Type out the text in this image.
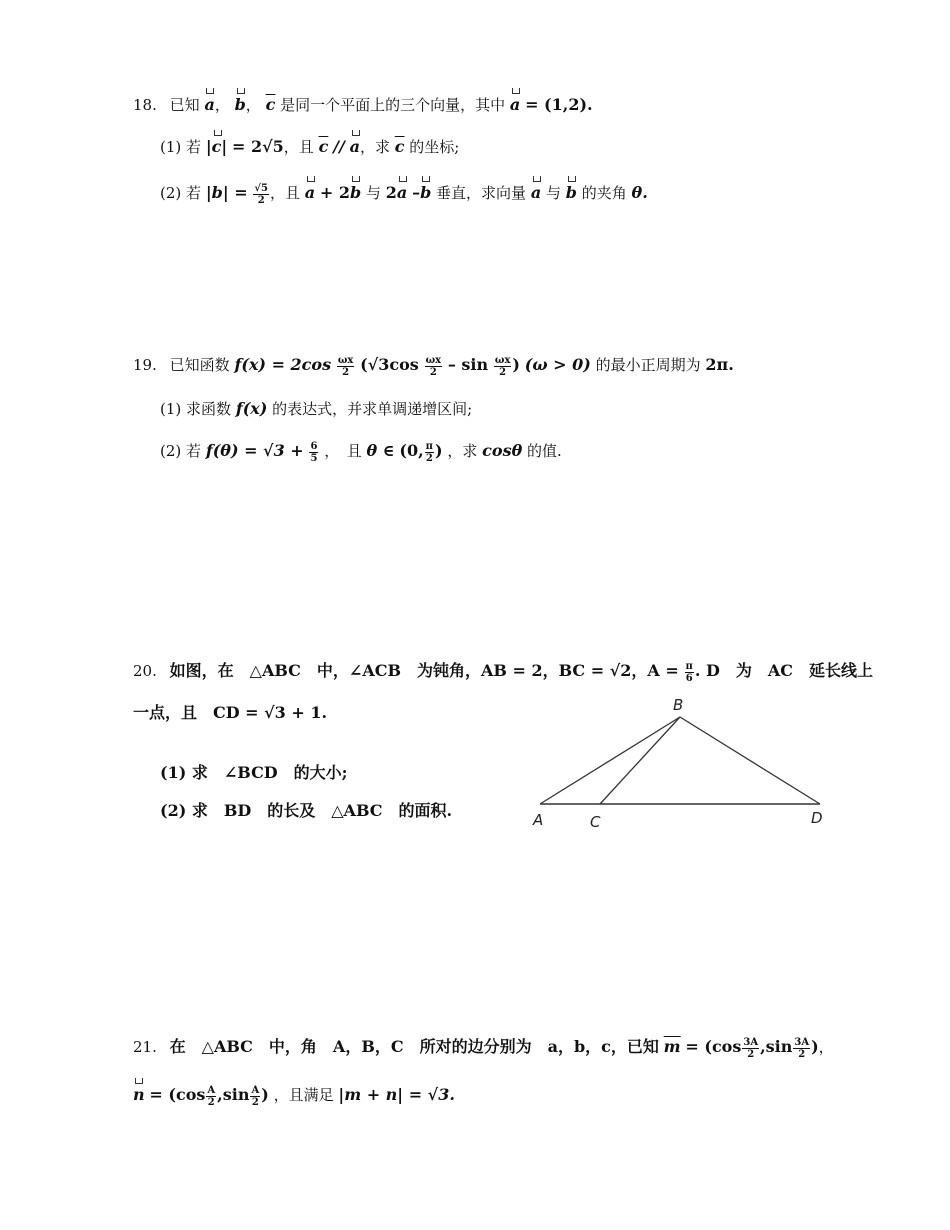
18. 已知 a， b， $\overline{c}$ 是同一个平面上的三个向量，其中 a = (1,2).
(1) 若 |c| = 2√5，且 $\overline{c}$ // a，求 $\overline{c}$ 的坐标;
(2) 若 $|b| = \frac{√5}{2}$ ，且 a + 2b 与 2a –b 垂直，求向量 a 与 b 的夹角 θ.
19. 已知函数 $f(x) = 2\cos \frac{\omega x}{2} (√3\cos \frac{\omega x}{2} - \sin \frac{\omega x}{2}$ ) (ω > 0) 的最小正周期为 2π.
(1) 求函数 f(x) 的表达式，并求单调递增区间;
(2) 若 $f(\theta) = √3 + \frac{6}{5}$ ，　且 θ ∈ (0, $\frac{\pi}{2}$ ) ，求 cosθ 的值.
20. 如图，在　△ABC　中，∠ACB　为钝角，AB = 2，BC = √2，$A = \frac{\pi}{6}$ . D　为　AC　延长线上
一点，且　CD = √3 + 1.
(1) 求　∠BCD　的大小;
(2) 求　BD　的长及　△ABC　的面积.
B
A	C	D
21. 在　△ABC　中，角　A，B，C　所对的边分别为　a，b，c，已知 $\overline{m} = (\cos \frac{3A}{2} ,\sin \frac{3A}{2}$ )，
$n = (\cos \frac{A}{2} ,\sin \frac{A}{2}$ ) ，且满足 |m + n| = √3.
